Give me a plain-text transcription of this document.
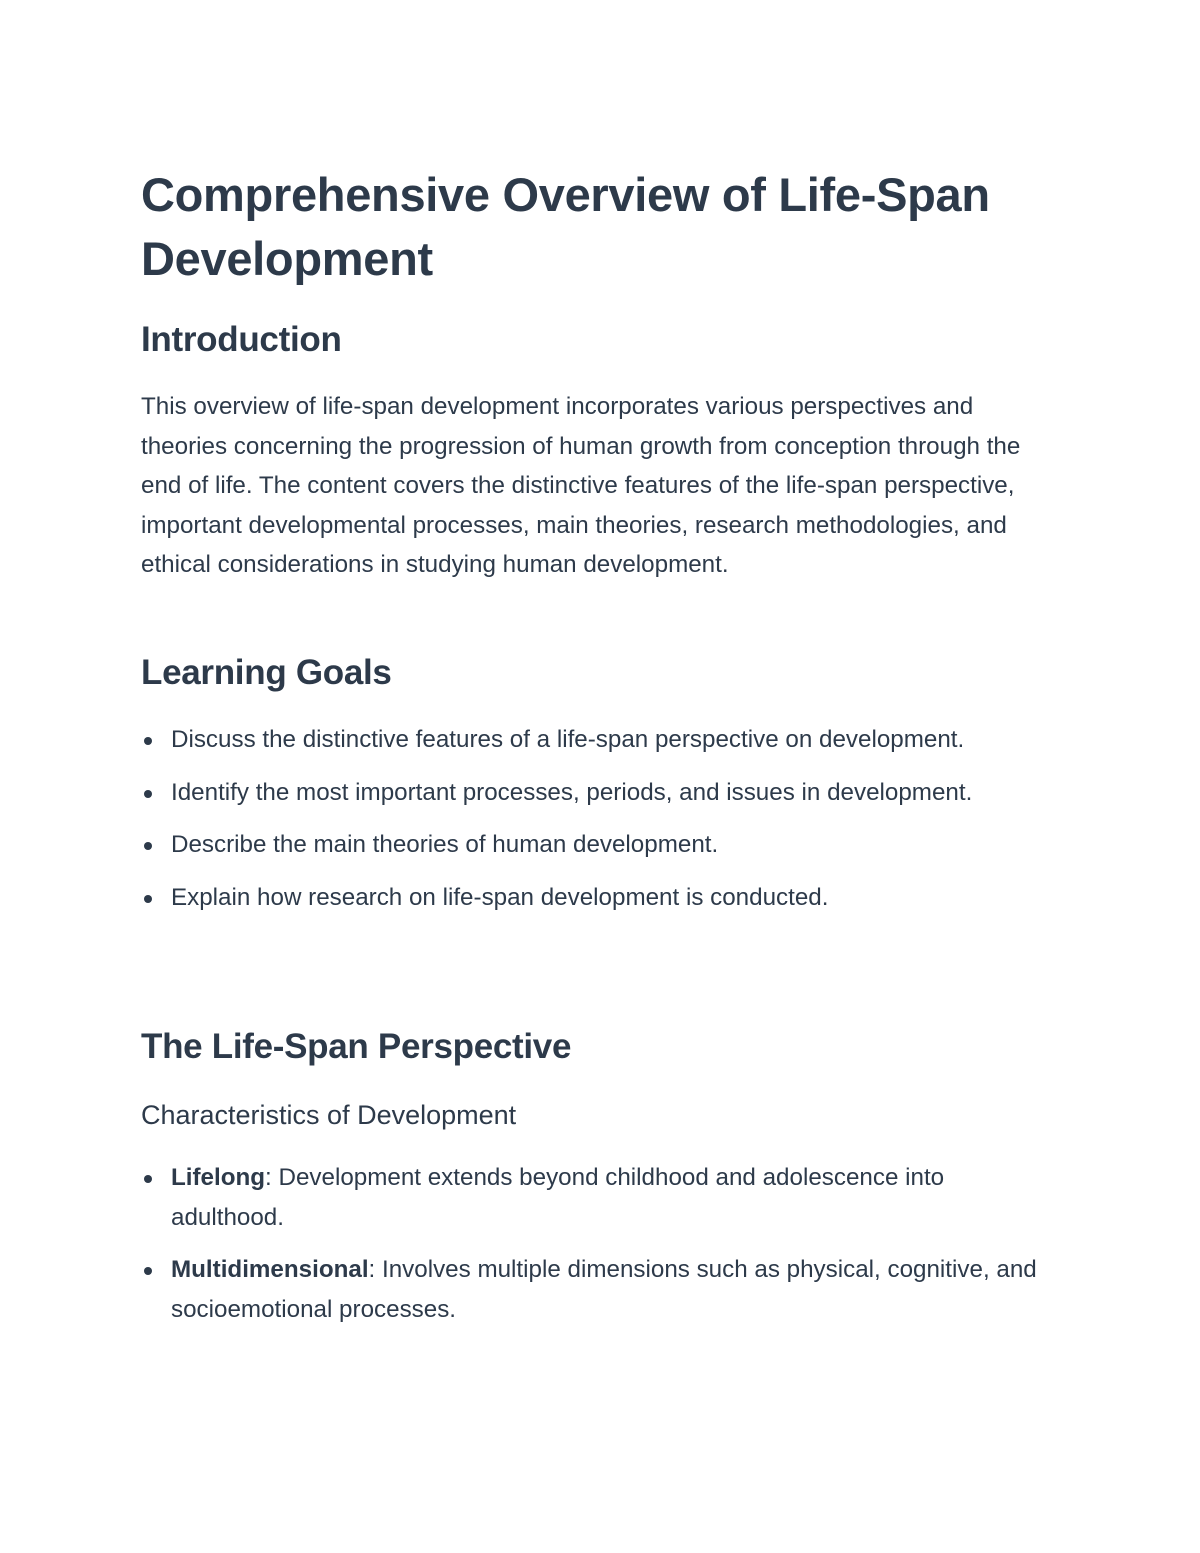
Comprehensive Overview of Life-Span Development
Introduction

This overview of life-span development incorporates various perspectives and theories concerning the progression of human growth from conception through the end of life. The content covers the distinctive features of the life-span perspective, important developmental processes, main theories, research methodologies, and ethical considerations in studying human development.

Learning Goals
Discuss the distinctive features of a life-span perspective on development.
Identify the most important processes, periods, and issues in development.
Describe the main theories of human development.
Explain how research on life-span development is conducted.
The Life-Span Perspective
Characteristics of Development
Lifelong: Development extends beyond childhood and adolescence into adulthood.
Multidimensional: Involves multiple dimensions such as physical, cognitive, and socioemotional processes.
